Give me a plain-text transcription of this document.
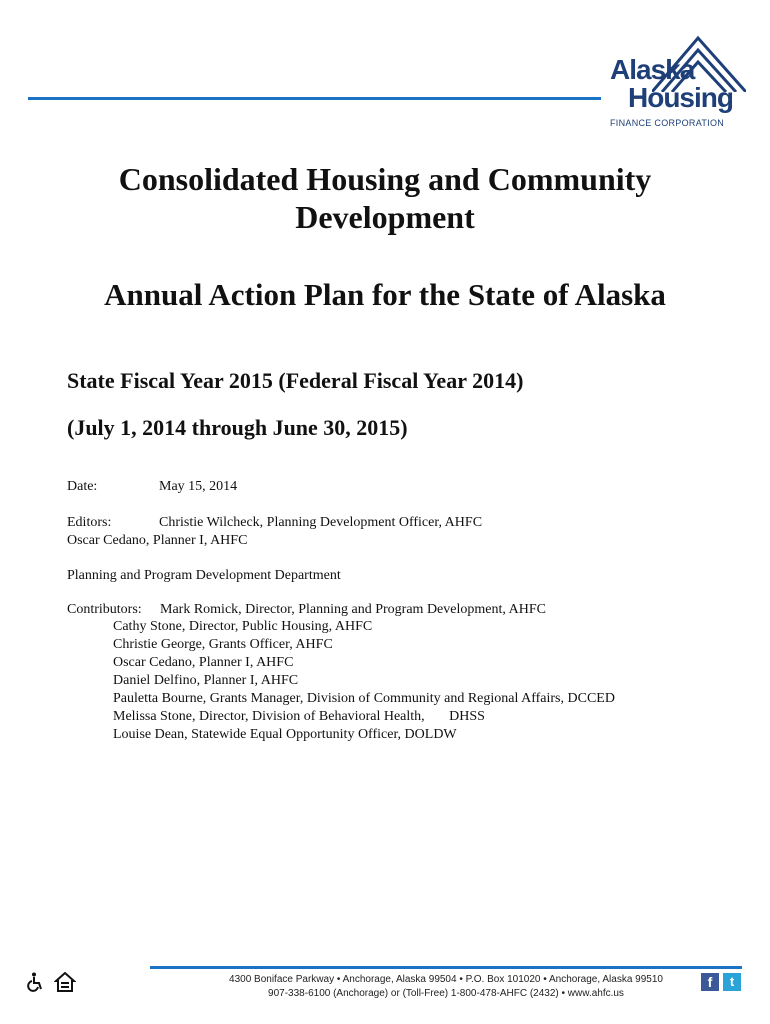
Alaska
Housing
FINANCE CORPORATION
Consolidated Housing and Community
Development
Annual Action Plan for the State of Alaska
State Fiscal Year 2015 (Federal Fiscal Year 2014)
(July 1, 2014 through June 30, 2015)
Date:	May 15, 2014
Editors:	Christie Wilcheck, Planning Development Officer, AHFC
Oscar Cedano, Planner I, AHFC
Planning and Program Development Department
Contributors: Mark Romick, Director, Planning and Program Development, AHFC
Cathy Stone, Director, Public Housing, AHFC
Christie George, Grants Officer, AHFC
Oscar Cedano, Planner I, AHFC
Daniel Delfino, Planner I, AHFC
Pauletta Bourne, Grants Manager, Division of Community and Regional Affairs, DCCED
Melissa Stone, Director, Division of Behavioral Health,       DHSS
Louise Dean, Statewide Equal Opportunity Officer, DOLDW
4300 Boniface Parkway • Anchorage, Alaska 99504 • P.O. Box 101020 • Anchorage, Alaska 99510
907-338-6100 (Anchorage) or (Toll-Free) 1-800-478-AHFC (2432) • www.ahfc.us
f	t
